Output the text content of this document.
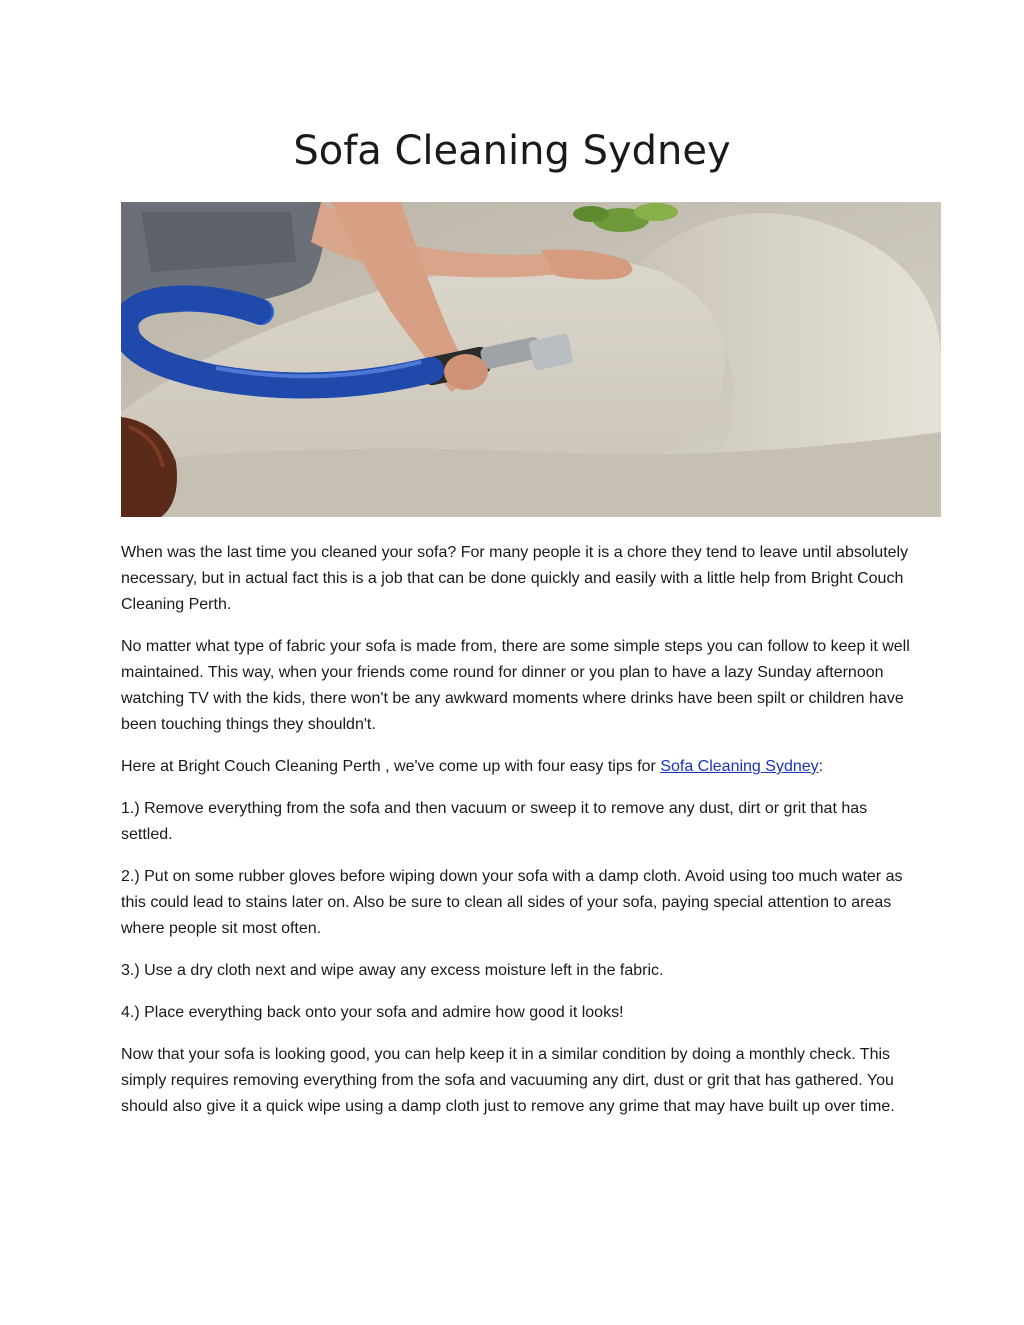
Sofa Cleaning Sydney

When was the last time you cleaned your sofa? For many people it is a chore they tend to leave until absolutely necessary, but in actual fact this is a job that can be done quickly and easily with a little help from Bright Couch Cleaning Perth.

No matter what type of fabric your sofa is made from, there are some simple steps you can follow to keep it well maintained. This way, when your friends come round for dinner or you plan to have a lazy Sunday afternoon watching TV with the kids, there won't be any awkward moments where drinks have been spilt or children have been touching things they shouldn't.

Here at Bright Couch Cleaning Perth , we've come up with four easy tips for Sofa Cleaning Sydney:

1.) Remove everything from the sofa and then vacuum or sweep it to remove any dust, dirt or grit that has settled.

2.) Put on some rubber gloves before wiping down your sofa with a damp cloth. Avoid using too much water as this could lead to stains later on. Also be sure to clean all sides of your sofa, paying special attention to areas where people sit most often.

3.) Use a dry cloth next and wipe away any excess moisture left in the fabric.

4.) Place everything back onto your sofa and admire how good it looks!

Now that your sofa is looking good, you can help keep it in a similar condition by doing a monthly check. This simply requires removing everything from the sofa and vacuuming any dirt, dust or grit that has gathered. You should also give it a quick wipe using a damp cloth just to remove any grime that may have built up over time.
